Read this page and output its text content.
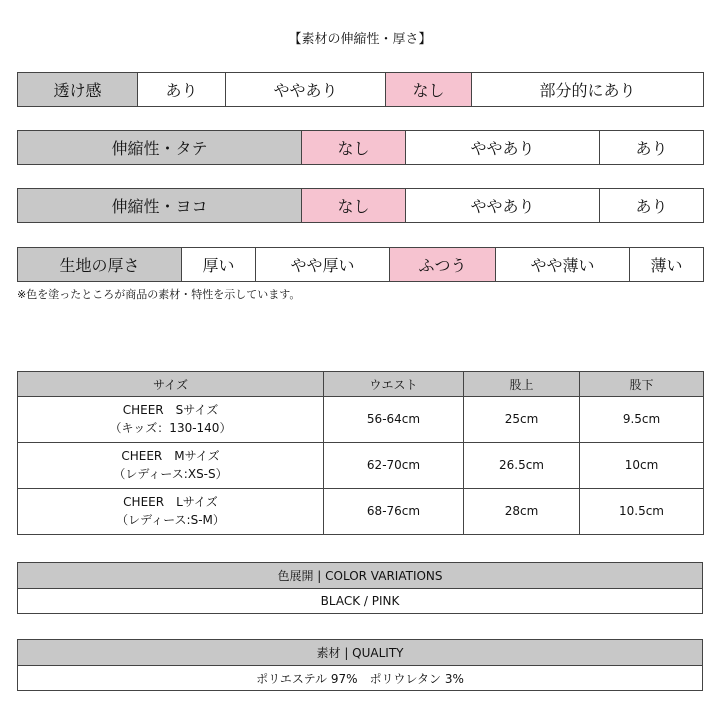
【素材の伸縮性・厚さ】
透け感	あり	ややあり	なし	部分的にあり
伸縮性・タテ	なし	ややあり	あり
伸縮性・ヨコ	なし	ややあり	あり
生地の厚さ	厚い	やや厚い	ふつう	やや薄い	薄い
※色を塗ったところが商品の素材・特性を示しています。
サイズ	ウエスト	股上	股下

CHEER　Sサイズ
（キッズ：130-140）	56-64cm	25cm	9.5cm

CHEER　Mサイズ
（レディース:XS-S）	62-70cm	26.5cm	10cm

CHEER　Lサイズ
（レディース:S-M）	68-76cm	28cm	10.5cm
色展開 | COLOR VARIATIONS
BLACK / PINK
素材 | QUALITY
ポリエステル 97%　ポリウレタン 3%
